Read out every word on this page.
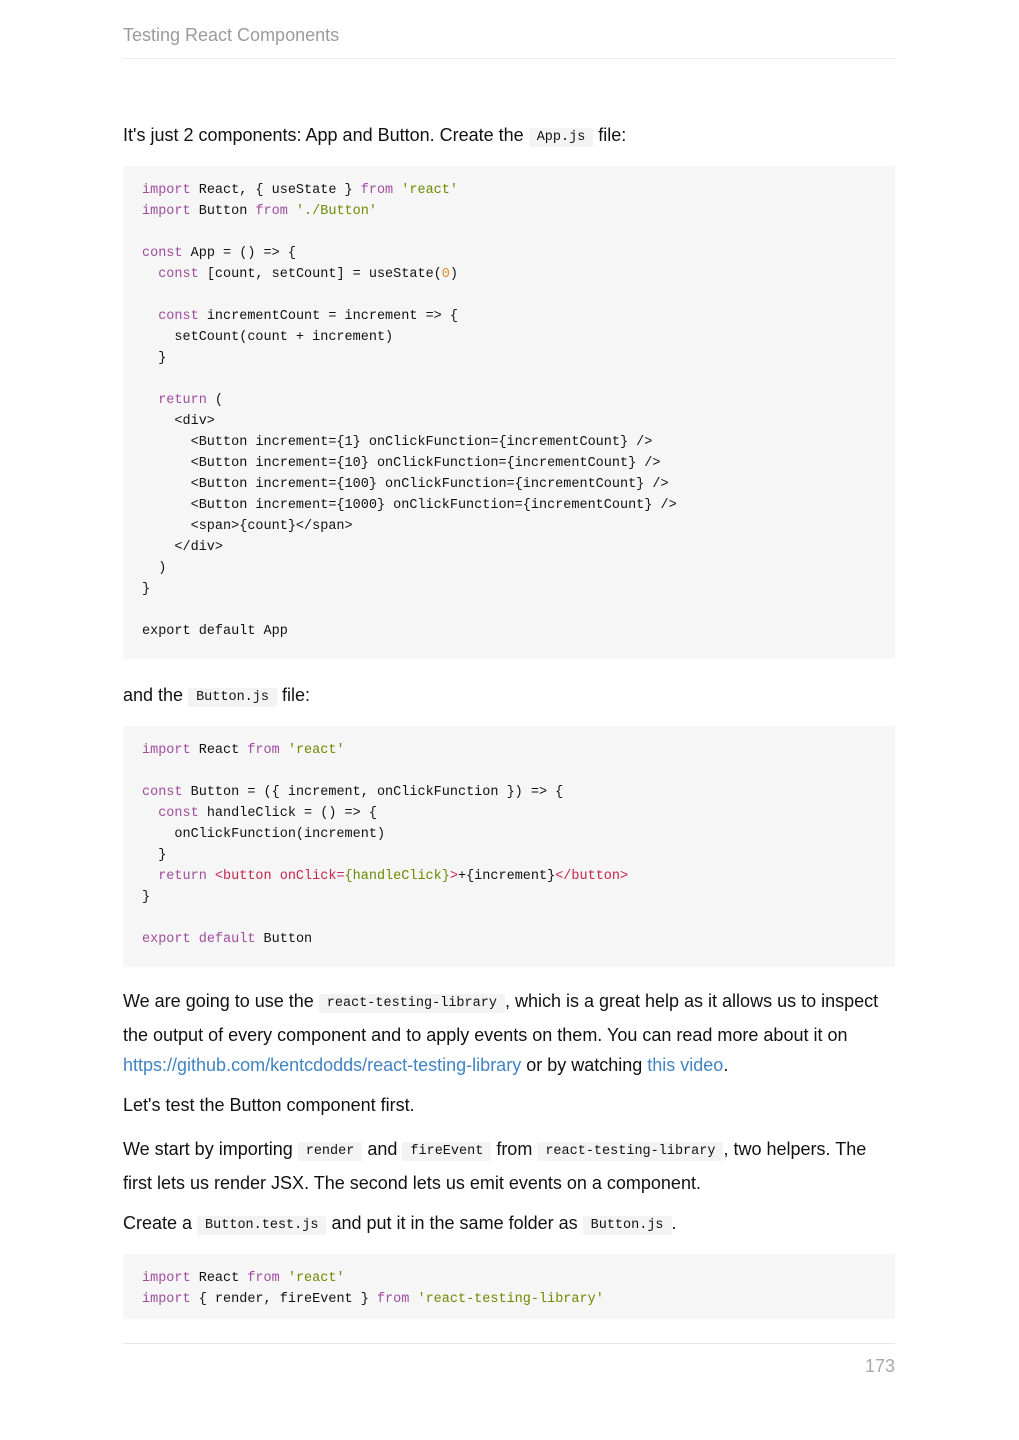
Testing React Components

It's just 2 components: App and Button. Create the App.js file:

import React, { useState } from 'react'
import Button from './Button'

const App = () => {
const [count, setCount] = useState(0)

const incrementCount = increment => {
setCount(count + increment)
}

return (
<div>
<Button increment={1} onClickFunction={incrementCount} />
<Button increment={10} onClickFunction={incrementCount} />
<Button increment={100} onClickFunction={incrementCount} />
<Button increment={1000} onClickFunction={incrementCount} />
<span>{count}</span>
</div>
)
}

export default App

and the Button.js file:

import React from 'react'

const Button = ({ increment, onClickFunction }) => {
const handleClick = () => {
onClickFunction(increment)
}
return <button onClick={handleClick}>+{increment}</button>
}

export default Button

We are going to use the react-testing-library , which is a great help as it allows us to inspect the output of every component and to apply events on them. You can read more about it on https://github.com/kentcdodds/react-testing-library or by watching this video.

Let's test the Button component first.

We start by importing render and fireEvent from react-testing-library , two helpers. The first lets us render JSX. The second lets us emit events on a component.

Create a Button.test.js and put it in the same folder as Button.js .

import React from 'react'
import { render, fireEvent } from 'react-testing-library'
173
